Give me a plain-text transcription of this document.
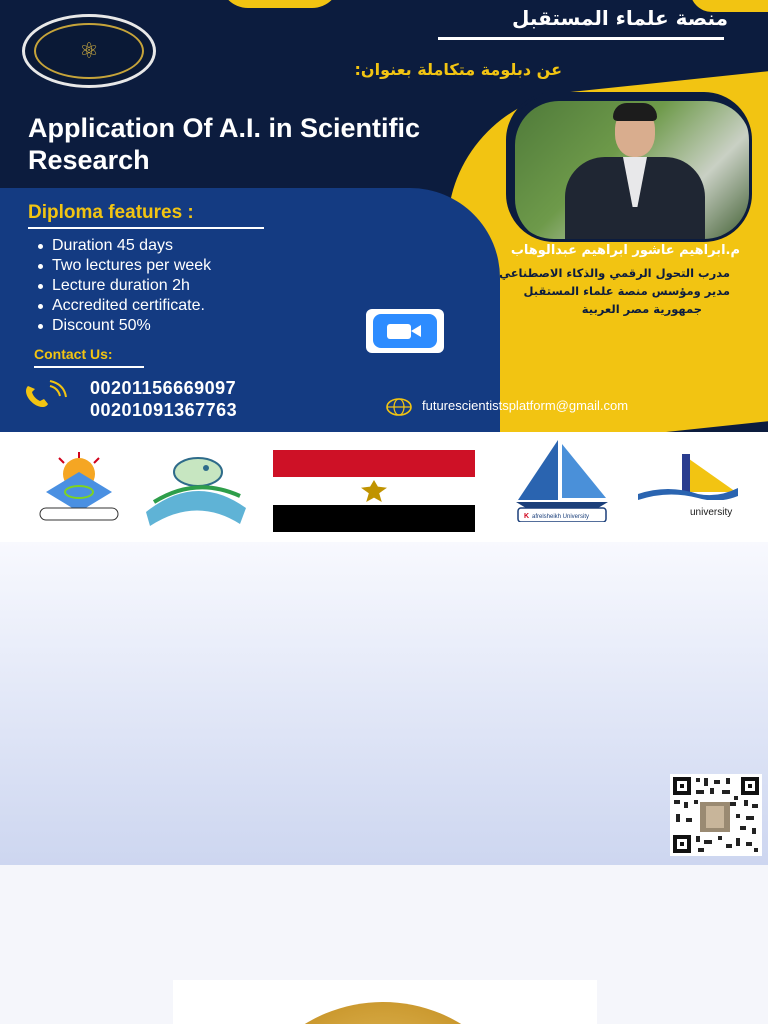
⚛
منصة علماء المستقبل
عن دبلومة متكاملة بعنوان:
Application Of A.I. in Scientific Research
Diploma features :
Duration 45 days
Two lectures per week
Lecture duration 2h
Accredited certificate.
Discount 50%
Contact Us:
00201156669097
00201091367763
م.ابراهيم عاشور ابراهيم عبدالوهاب
مدرب التحول الرقمي والذكاء الاصطناعي
مدير ومؤسس منصة علماء المستقبل
جمهورية مصر العربية
futurescientistsplatform@gmail.com
K afrelsheikh University	university
